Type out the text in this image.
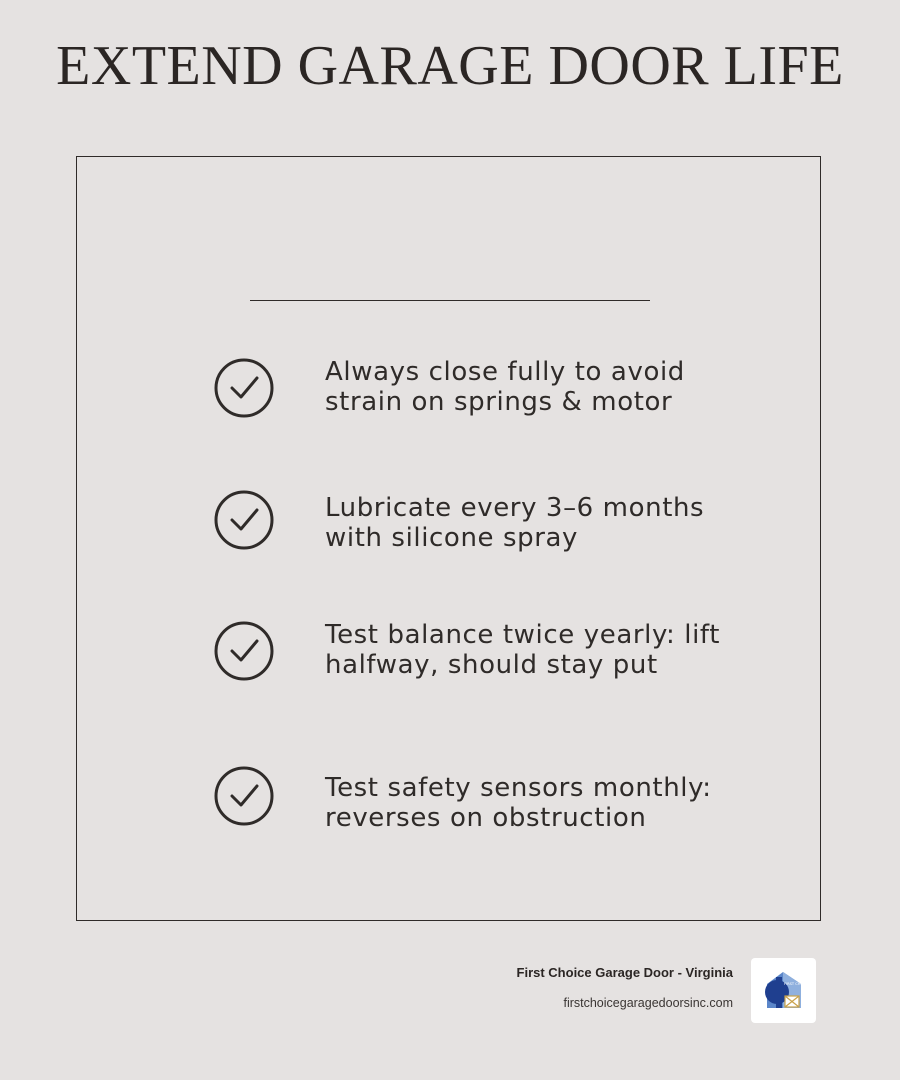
EXTEND GARAGE DOOR LIFE
Always close fully to avoid
strain on springs & motor
Lubricate every 3–6 months
with silicone spray
Test balance twice yearly: lift
halfway, should stay put
Test safety sensors monthly:
reverses on obstruction
First Choice Garage Door - Virginia
firstchoicegaragedoorsinc.com
FIRST CHOICE
